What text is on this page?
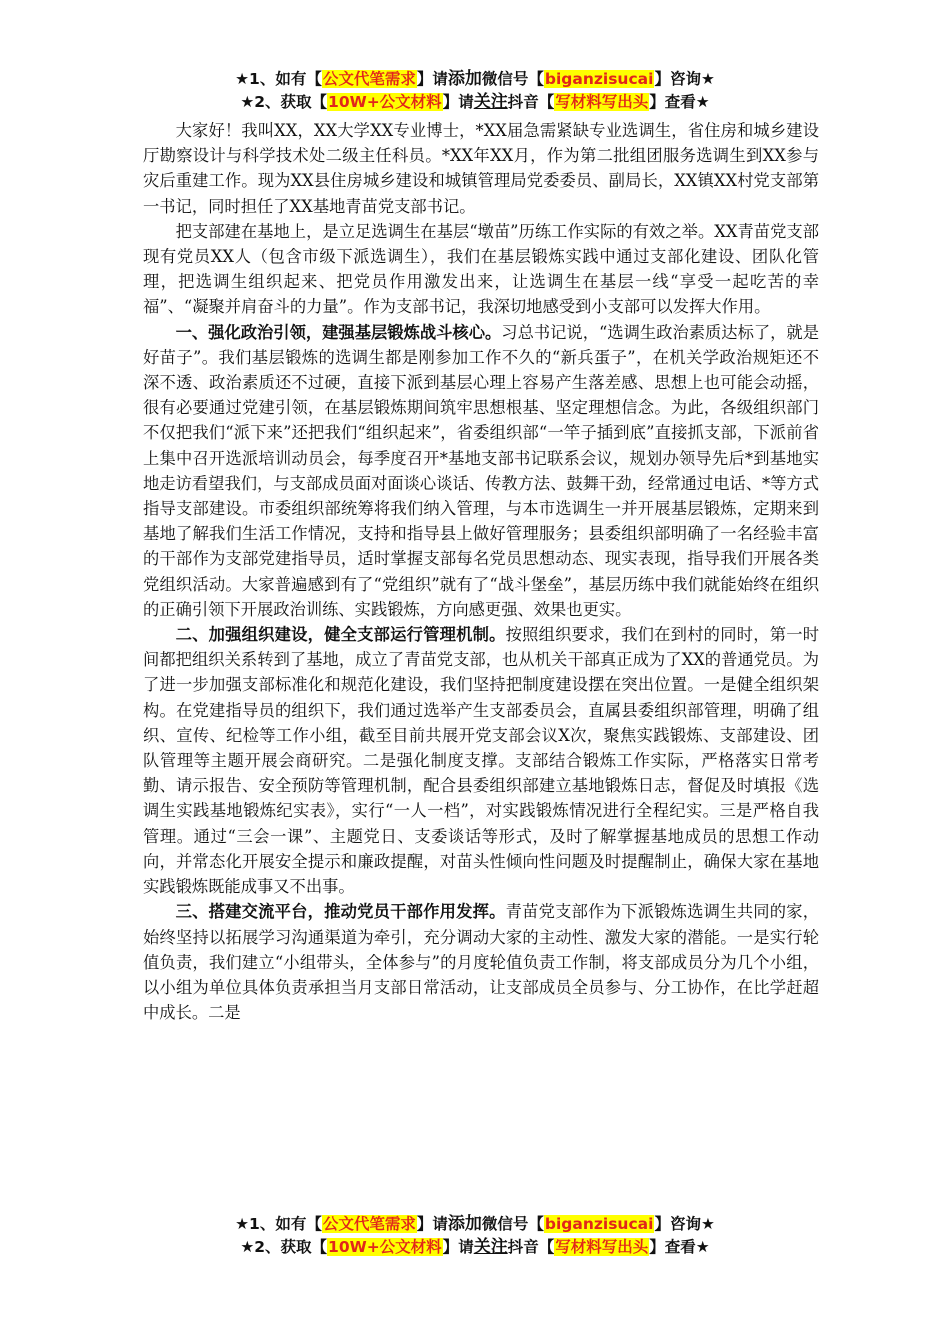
★1、如有【公文代笔需求】请添加微信号【biganzisucai】咨询★
★2、获取【10W+公文材料】请关注抖音【写材料写出头】查看★

大家好！我叫XX，XX大学XX专业博士，*XX届急需紧缺专业选调生，省住房和城乡建设厅勘察设计与科学技术处二级主任科员。*XX年XX月，作为第二批组团服务选调生到XX参与灾后重建工作。现为XX县住房城乡建设和城镇管理局党委委员、副局长，XX镇XX村党支部第一书记，同时担任了XX基地青苗党支部书记。

把支部建在基地上，是立足选调生在基层“墩苗”历练工作实际的有效之举。XX青苗党支部现有党员XX人（包含市级下派选调生），我们在基层锻炼实践中通过支部化建设、团队化管理，把选调生组织起来、把党员作用激发出来，让选调生在基层一线“享受一起吃苦的幸福”、“凝聚并肩奋斗的力量”。作为支部书记，我深切地感受到小支部可以发挥大作用。

一、强化政治引领，建强基层锻炼战斗核心。习总书记说，“选调生政治素质达标了，就是好苗子”。我们基层锻炼的选调生都是刚参加工作不久的“新兵蛋子”，在机关学政治规矩还不深不透、政治素质还不过硬，直接下派到基层心理上容易产生落差感、思想上也可能会动摇，很有必要通过党建引领，在基层锻炼期间筑牢思想根基、坚定理想信念。为此，各级组织部门不仅把我们“派下来”还把我们“组织起来”，省委组织部“一竿子插到底”直接抓支部，下派前省上集中召开选派培训动员会，每季度召开*基地支部书记联系会议，规划办领导先后*到基地实地走访看望我们，与支部成员面对面谈心谈话、传教方法、鼓舞干劲，经常通过电话、*等方式指导支部建设。市委组织部统筹将我们纳入管理，与本市选调生一并开展基层锻炼，定期来到基地了解我们生活工作情况，支持和指导县上做好管理服务；县委组织部明确了一名经验丰富的干部作为支部党建指导员，适时掌握支部每名党员思想动态、现实表现，指导我们开展各类党组织活动。大家普遍感到有了“党组织”就有了“战斗堡垒”，基层历练中我们就能始终在组织的正确引领下开展政治训练、实践锻炼，方向感更强、效果也更实。

二、加强组织建设，健全支部运行管理机制。按照组织要求，我们在到村的同时，第一时间都把组织关系转到了基地，成立了青苗党支部，也从机关干部真正成为了XX的普通党员。为了进一步加强支部标准化和规范化建设，我们坚持把制度建设摆在突出位置。一是健全组织架构。在党建指导员的组织下，我们通过选举产生支部委员会，直属县委组织部管理，明确了组织、宣传、纪检等工作小组，截至目前共展开党支部会议X次，聚焦实践锻炼、支部建设、团队管理等主题开展会商研究。二是强化制度支撑。支部结合锻炼工作实际，严格落实日常考勤、请示报告、安全预防等管理机制，配合县委组织部建立基地锻炼日志，督促及时填报《选调生实践基地锻炼纪实表》，实行“一人一档”，对实践锻炼情况进行全程纪实。三是严格自我管理。通过“三会一课”、主题党日、支委谈话等形式，及时了解掌握基地成员的思想工作动向，并常态化开展安全提示和廉政提醒，对苗头性倾向性问题及时提醒制止，确保大家在基地实践锻炼既能成事又不出事。

三、搭建交流平台，推动党员干部作用发挥。青苗党支部作为下派锻炼选调生共同的家，始终坚持以拓展学习沟通渠道为牵引，充分调动大家的主动性、激发大家的潜能。一是实行轮值负责，我们建立“小组带头，全体参与”的月度轮值负责工作制，将支部成员分为几个小组，以小组为单位具体负责承担当月支部日常活动，让支部成员全员参与、分工协作，在比学赶超中成长。二是

★1、如有【公文代笔需求】请添加微信号【biganzisucai】咨询★
★2、获取【10W+公文材料】请关注抖音【写材料写出头】查看★
